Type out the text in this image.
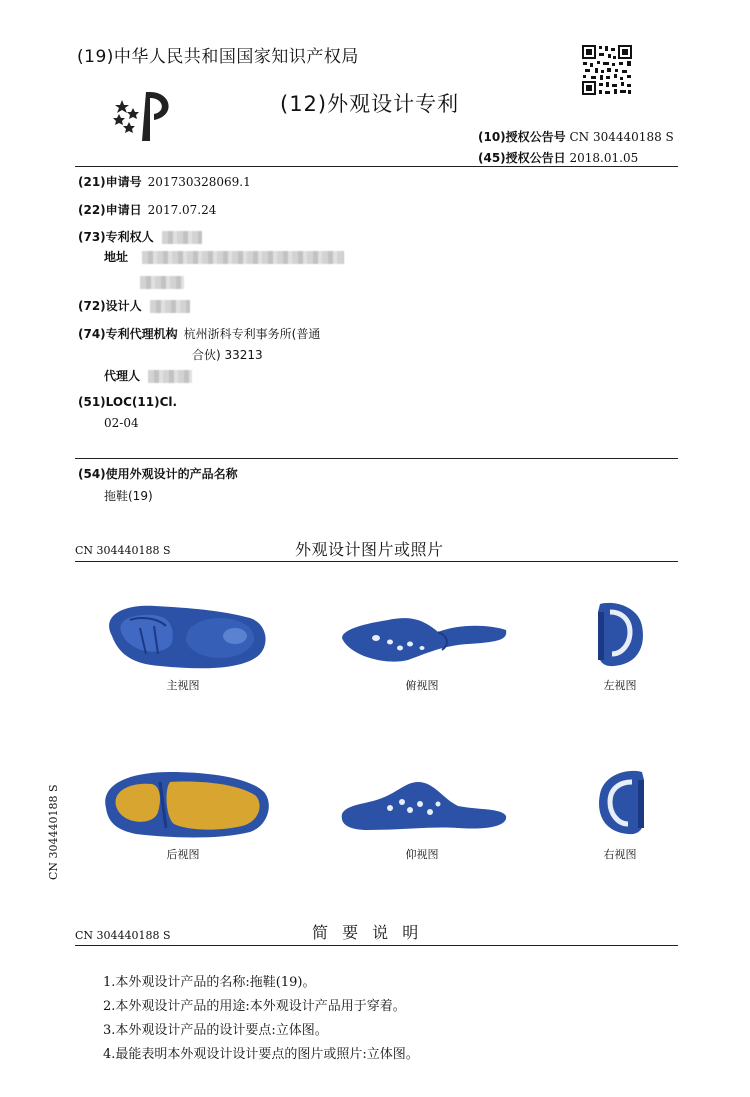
(19)中华人民共和国国家知识产权局
(12)外观设计专利
(10)授权公告号 CN 304440188 S
(45)授权公告日 2018.01.05
(21)申请号 201730328069.1
(22)申请日 2017.07.24
(73)专利权人
地址
(72)设计人
(74)专利代理机构 杭州浙科专利事务所(普通
合伙) 33213
代理人
(51)LOC(11)Cl.
02-04
(54)使用外观设计的产品名称
拖鞋(19)
CN 304440188 S	外观设计图片或照片
CN 304440188 S
主视图	俯视图	左视图
后视图	仰视图	右视图
CN 304440188 S	简 要 说 明
1.本外观设计产品的名称:拖鞋(19)。
2.本外观设计产品的用途:本外观设计产品用于穿着。
3.本外观设计产品的设计要点:立体图。
4.最能表明本外观设计设计要点的图片或照片:立体图。
